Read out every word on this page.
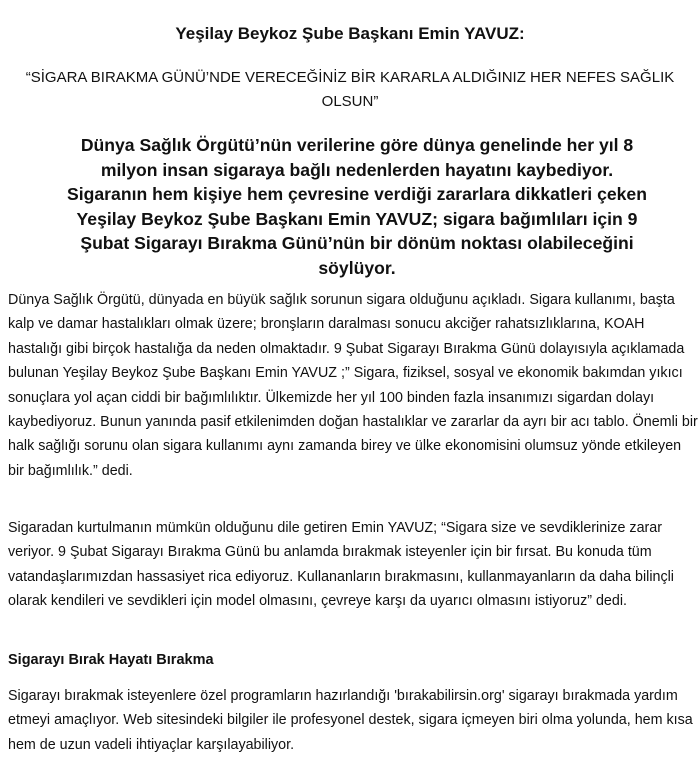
Yeşilay Beykoz Şube Başkanı Emin YAVUZ:
“SİGARA BIRAKMA GÜNÜ’NDE VERECEĞİNİZ BİR KARARLA ALDIĞINIZ HER NEFES SAĞLIK OLSUN”

Dünya Sağlık Örgütü’nün verilerine göre dünya genelinde her yıl 8 milyon insan sigaraya bağlı nedenlerden hayatını kaybediyor. Sigaranın hem kişiye hem çevresine verdiği zararlara dikkatleri çeken Yeşilay Beykoz Şube Başkanı Emin YAVUZ; sigara bağımlıları için 9 Şubat Sigarayı Bırakma Günü’nün bir dönüm noktası olabileceğini söylüyor.

Dünya Sağlık Örgütü, dünyada en büyük sağlık sorunun sigara olduğunu açıkladı. Sigara kullanımı, başta kalp ve damar hastalıkları olmak üzere; bronşların daralması sonucu akciğer rahatsızlıklarına, KOAH hastalığı gibi birçok hastalığa da neden olmaktadır. 9 Şubat Sigarayı Bırakma Günü dolayısıyla açıklamada bulunan Yeşilay Beykoz Şube Başkanı Emin YAVUZ ;” Sigara, fiziksel, sosyal ve ekonomik bakımdan yıkıcı sonuçlara yol açan ciddi bir bağımlılıktır. Ülkemizde her yıl 100 binden fazla insanımızı sigardan dolayı kaybediyoruz. Bunun yanında pasif etkilenimden doğan hastalıklar ve zararlar da ayrı bir acı tablo. Önemli bir halk sağlığı sorunu olan sigara kullanımı aynı zamanda birey ve ülke ekonomisini olumsuz yönde etkileyen bir bağımlılık.” dedi.

Sigaradan kurtulmanın mümkün olduğunu dile getiren Emin YAVUZ; “Sigara size ve sevdiklerinize zarar veriyor. 9 Şubat Sigarayı Bırakma Günü bu anlamda bırakmak isteyenler için bir fırsat. Bu konuda tüm vatandaşlarımızdan hassasiyet rica ediyoruz. Kullananların bırakmasını, kullanmayanların da daha bilinçli olarak kendileri ve sevdikleri için model olmasını, çevreye karşı da uyarıcı olmasını istiyoruz” dedi.

Sigarayı Bırak Hayatı Bırakma

Sigarayı bırakmak isteyenlere özel programların hazırlandığı 'bırakabilirsin.org' sigarayı bırakmada yardım etmeyi amaçlıyor. Web sitesindeki bilgiler ile profesyonel destek, sigara içmeyen biri olma yolunda, hem kısa hem de uzun vadeli ihtiyaçlar karşılayabiliyor.
